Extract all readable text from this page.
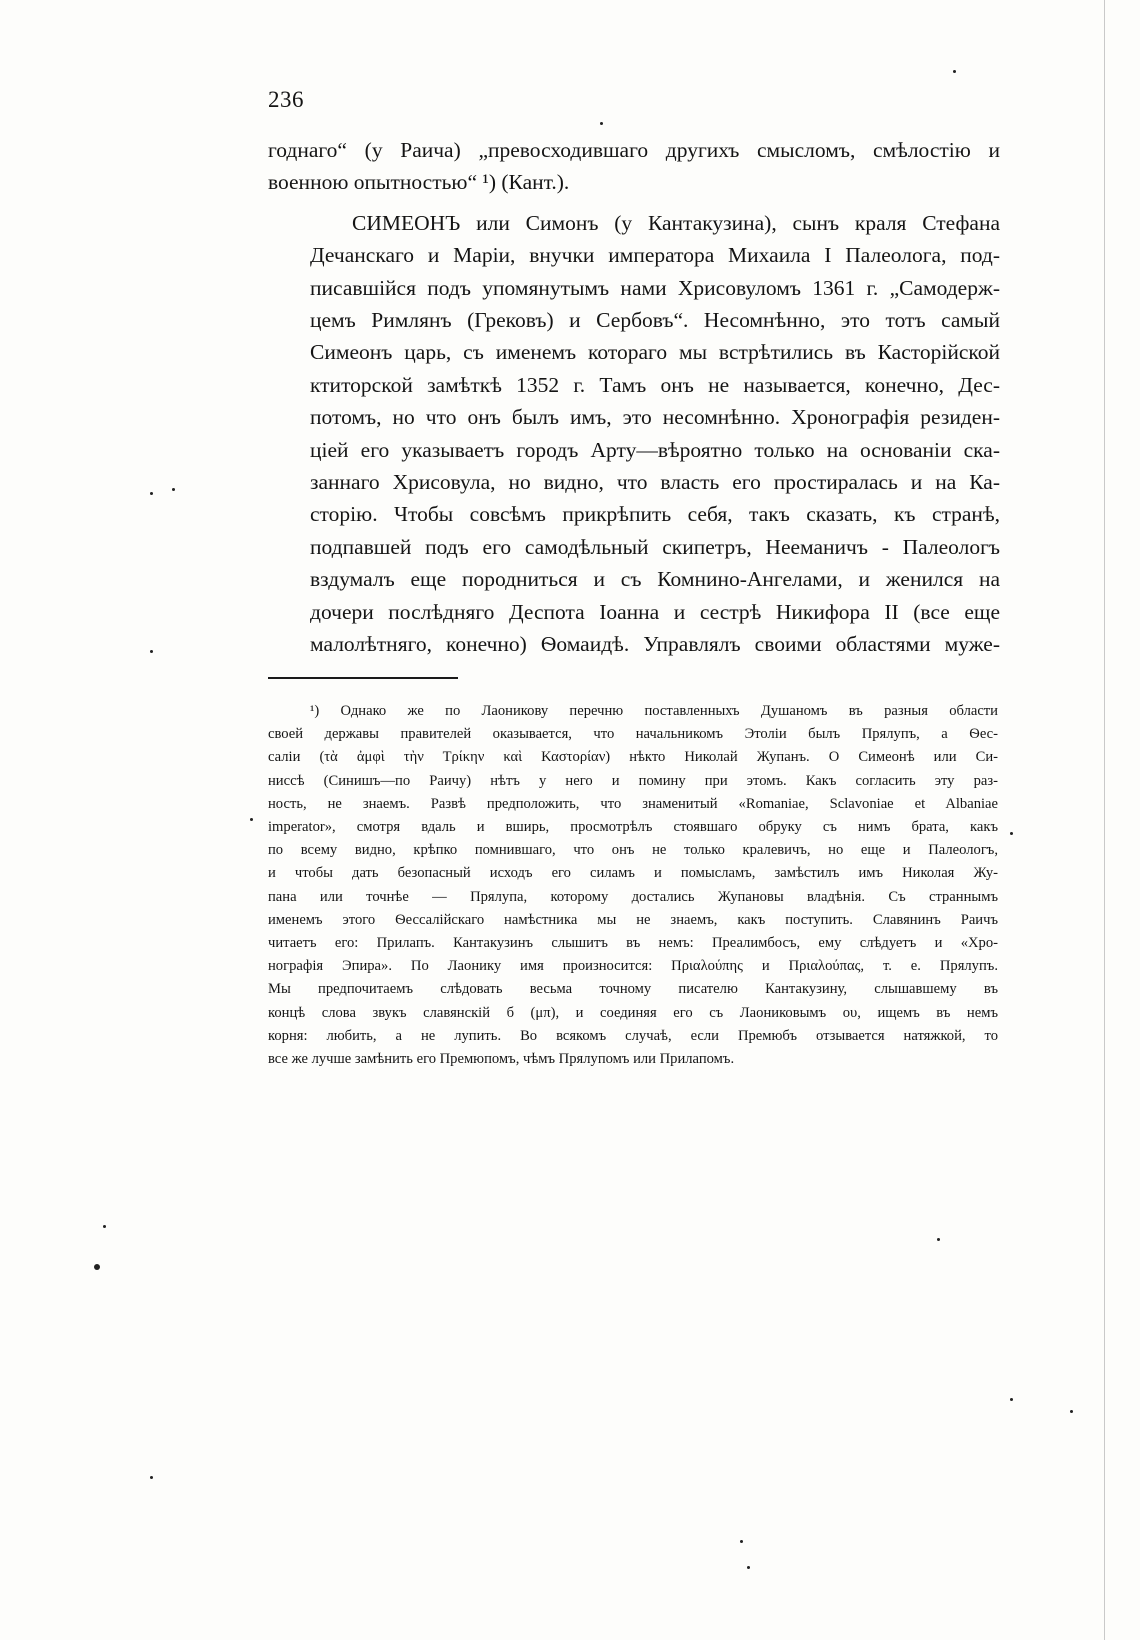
236

годнаго“ (у Раича) „превосходившаго другихъ смысломъ, смѣлостію и
военною опытностью“ ¹) (Кант.).

СИМЕОНЪ или Симонъ (у Кантакузина), сынъ краля Стефана
Дечанскаго и Маріи, внучки императора Михаила I Палеолога, под-
писавшійся подъ упомянутымъ нами Хрисовуломъ 1361 г. „Самодерж-
цемъ Римлянъ (Грековъ) и Сербовъ“. Несомнѣнно, это тотъ самый
Симеонъ царь, съ именемъ котораго мы встрѣтились въ Касторійской
ктиторской замѣткѣ 1352 г. Тамъ онъ не называется, конечно, Дес-
потомъ, но что онъ былъ имъ, это несомнѣнно. Хронографія резиден-
ціей его указываетъ городъ Арту—вѣроятно только на основаніи ска-
заннаго Хрисовула, но видно, что власть его простиралась и на Ка-
сторію. Чтобы совсѣмъ прикрѣпить себя, такъ сказать, къ странѣ,
подпавшей подъ его самодѣльный скипетръ, Нееманичъ - Палеологъ
вздумалъ еще породниться и съ Комнино-Ангелами, и женился на
дочери послѣдняго Деспота Іоанна и сестрѣ Никифора II (все еще
малолѣтняго, конечно) Ѳомаидѣ. Управлялъ своими областями муже-

¹) Однако же по Лаоникову перечню поставленныхъ Душаномъ въ разныя области
своей державы правителей оказывается, что начальникомъ Этоліи былъ Прялупъ, а Ѳес-
саліи (τὰ ἀμφὶ τὴν Τρίκην καὶ Καστορίαν) нѣкто Николай Жупанъ. О Симеонѣ или Си-
ниссѣ (Синишъ—по Раичу) нѣтъ у него и помину при этомъ. Какъ согласить эту раз-
ность, не знаемъ. Развѣ предположить, что знаменитый «Romaniae, Sclavoniae et Albaniae
imperator», смотря вдаль и вширь, просмотрѣлъ стоявшаго обруку съ нимъ брата, какъ
по всему видно, крѣпко помнившаго, что онъ не только кралевичъ, но еще и Палеологъ,
и чтобы дать безопасный исходъ его силамъ и помысламъ, замѣстилъ имъ Николая Жу-
пана или точнѣе — Прялупа, которому достались Жупановы владѣнія. Съ страннымъ
именемъ этого Ѳессалійскаго намѣстника мы не знаемъ, какъ поступить. Славянинъ Раичъ
читаетъ его: Прилапъ. Кантакузинъ слышитъ въ немъ: Преалимбосъ, ему слѣдуетъ и «Хро-
нографія Эпира». По Лаонику имя произносится: Πριαλούπης и Πριαλούπας, т. е. Прялупъ.
Мы предпочитаемъ слѣдовать весьма точному писателю Кантакузину, слышавшему въ
концѣ слова звукъ славянскій б (μπ), и соединяя его съ Лаониковымъ ου, ищемъ въ немъ
корня: любить, а не лупить. Во всякомъ случаѣ, если Премюбъ отзывается натяжкой, то
все же лучше замѣнить его Премюпомъ, чѣмъ Прялупомъ или Прилапомъ.
